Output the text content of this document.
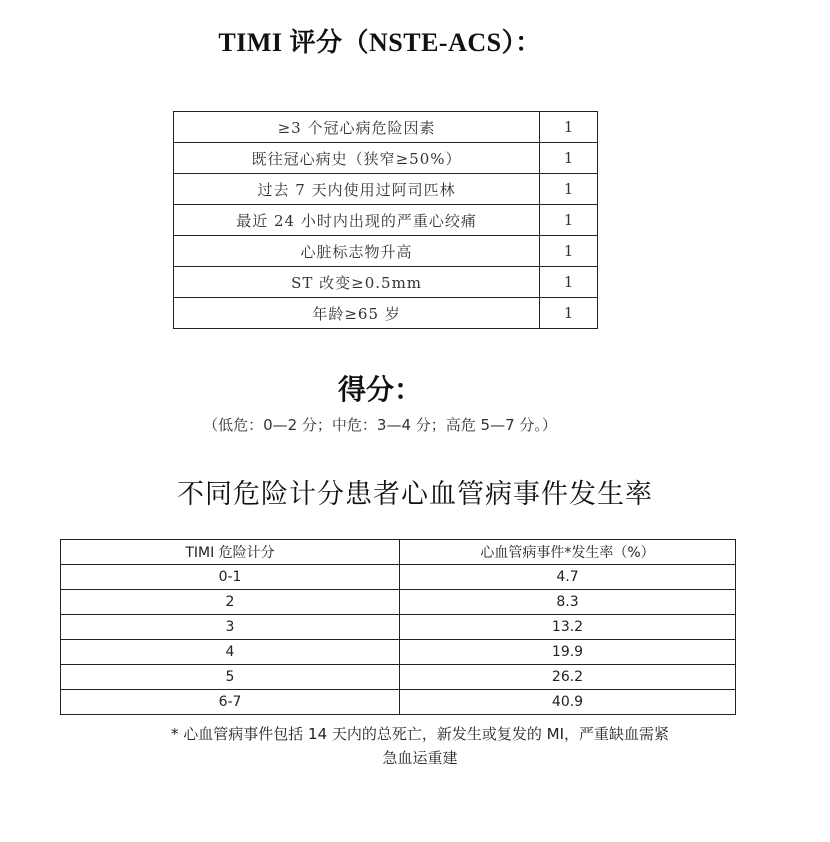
TIMI 评分（NSTE-ACS）：
≥3 个冠心病危险因素	1
既往冠心病史（狭窄≥50%）	1
过去 7 天内使用过阿司匹林	1
最近 24 小时内出现的严重心绞痛	1
心脏标志物升高	1
ST 改变≥0.5mm	1
年龄≥65 岁	1
得分：
（低危：0—2 分；中危：3—4 分；高危 5—7 分。）
不同危险计分患者心血管病事件发生率
TIMI 危险计分	心血管病事件*发生率（%）
0-1	4.7
2	8.3
3	13.2
4	19.9
5	26.2
6-7	40.9
* 心血管病事件包括 14 天内的总死亡，新发生或复发的 MI，严重缺血需紧
急血运重建
